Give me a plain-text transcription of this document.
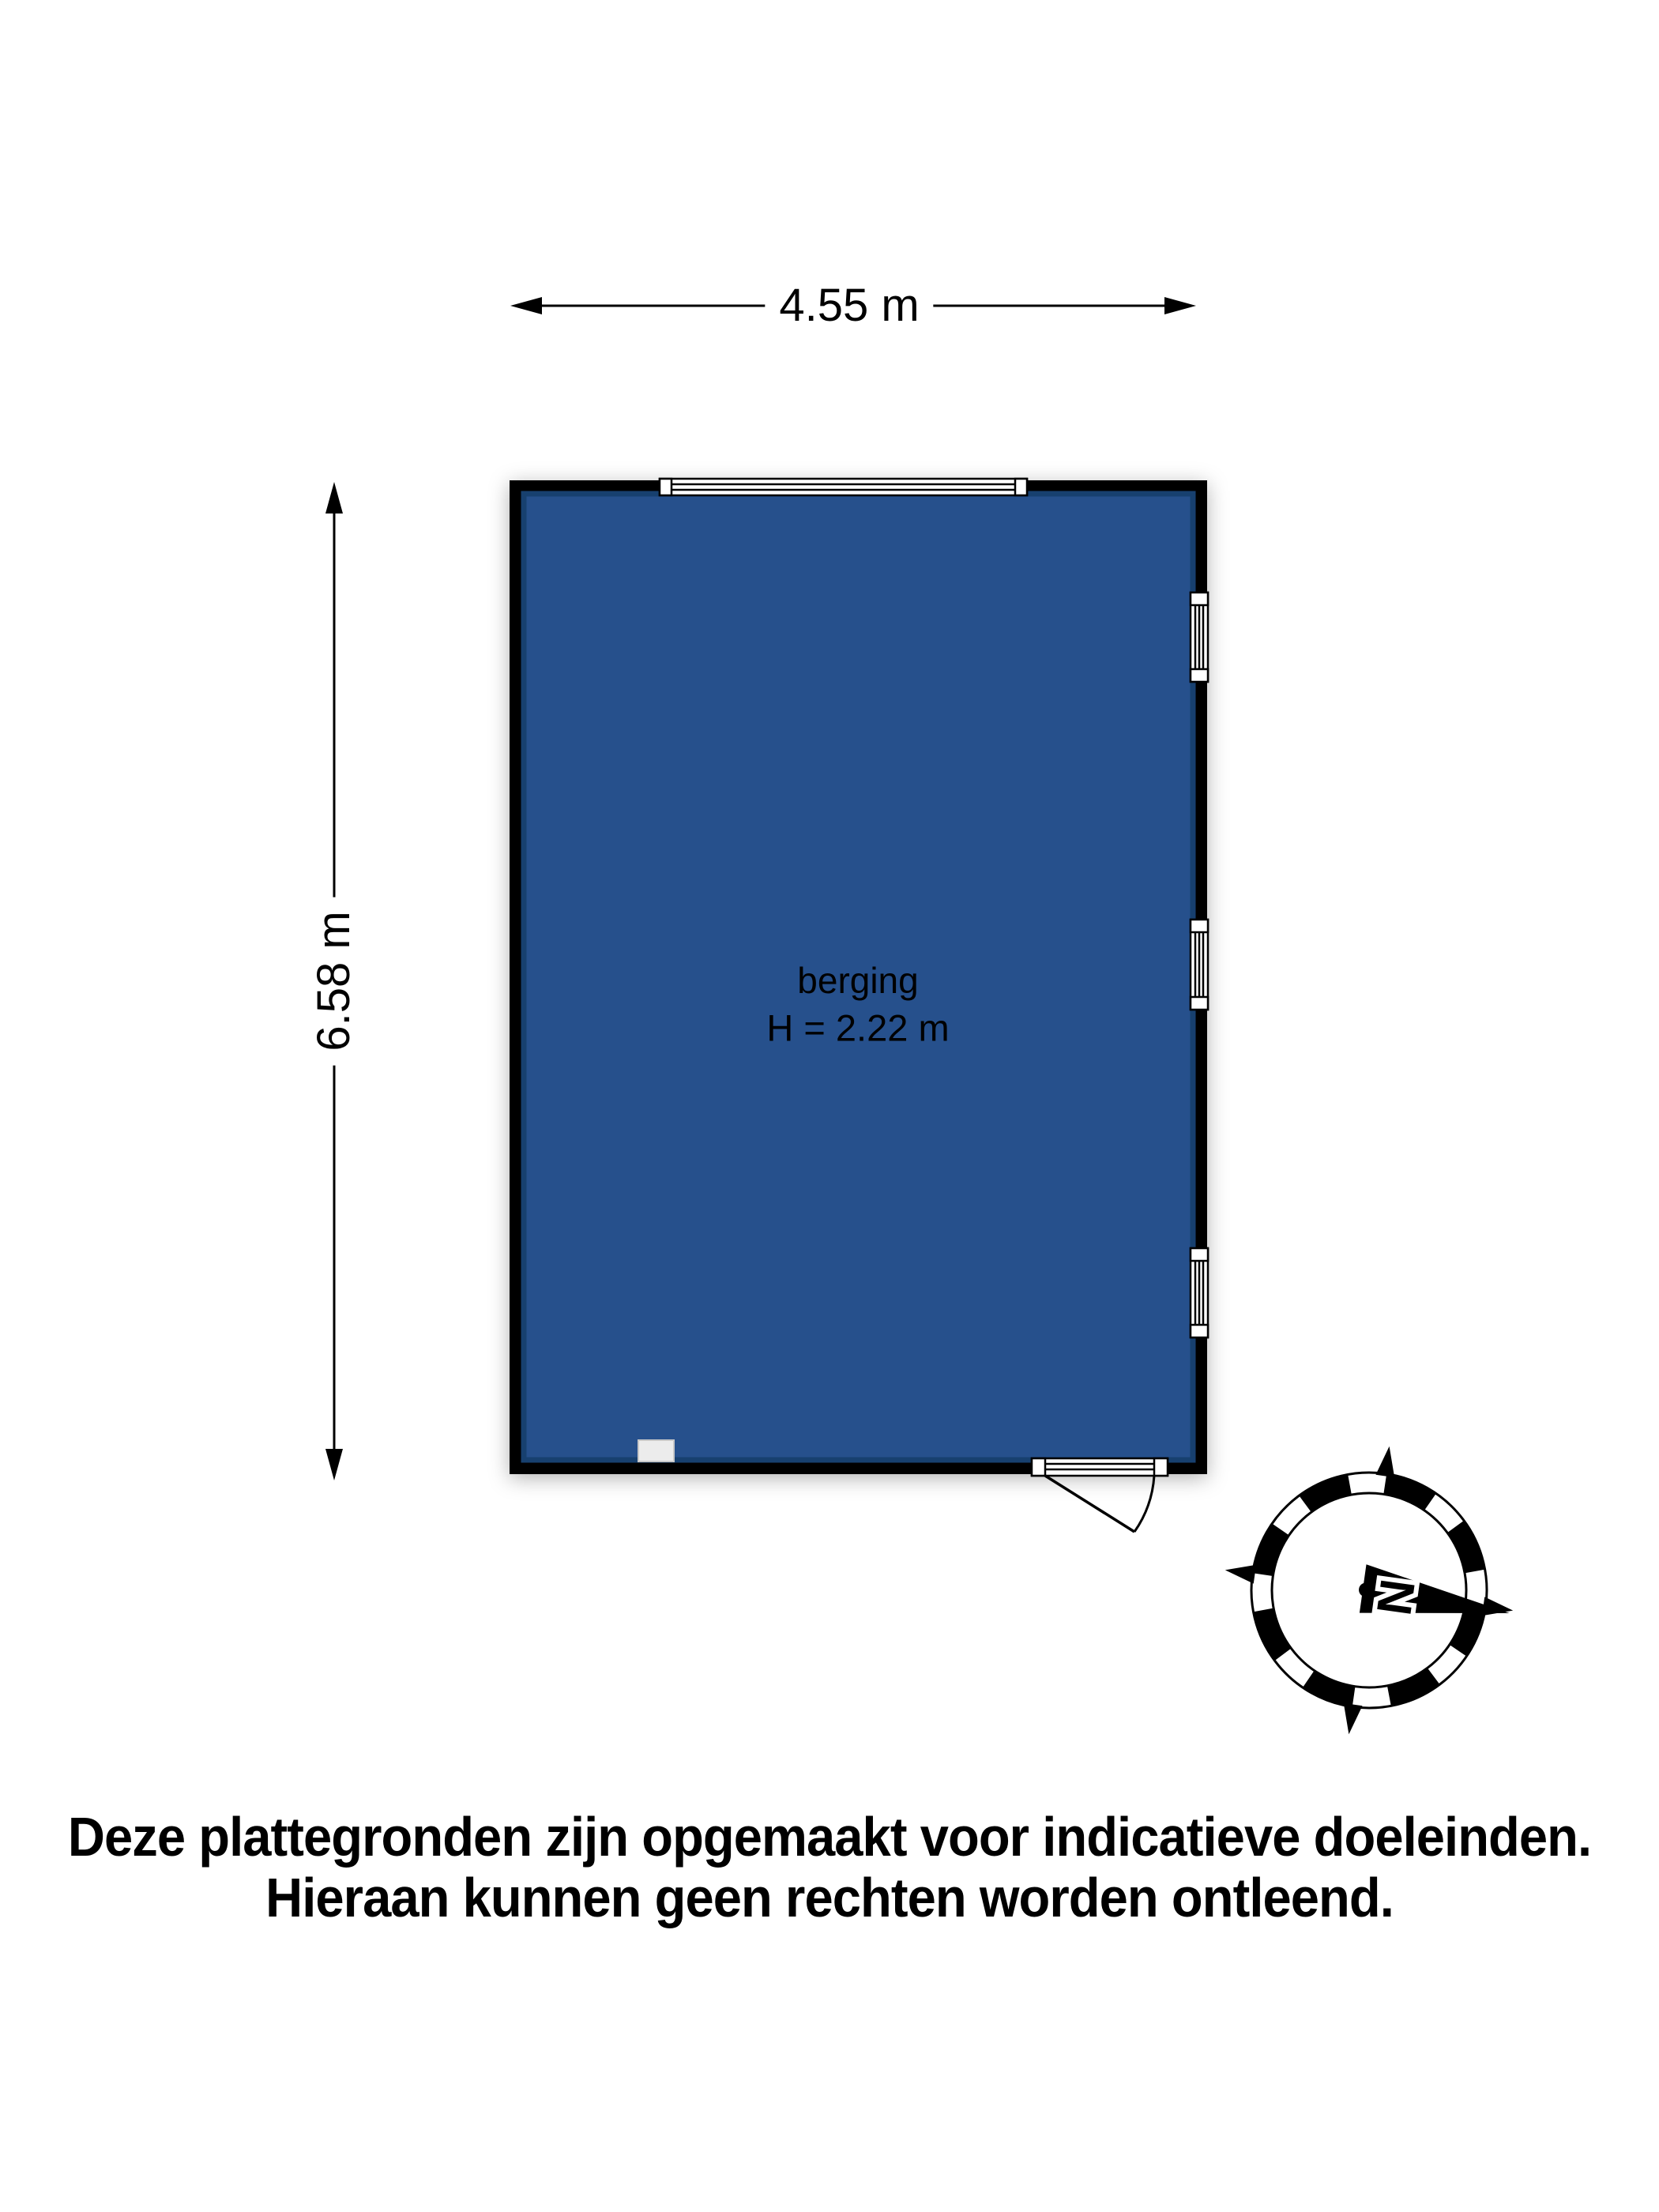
N
4.55 m
6.58 m	berging
H = 2.22 m
Deze plattegronden zijn opgemaakt voor indicatieve doeleinden.
Hieraan kunnen geen rechten worden ontleend.
